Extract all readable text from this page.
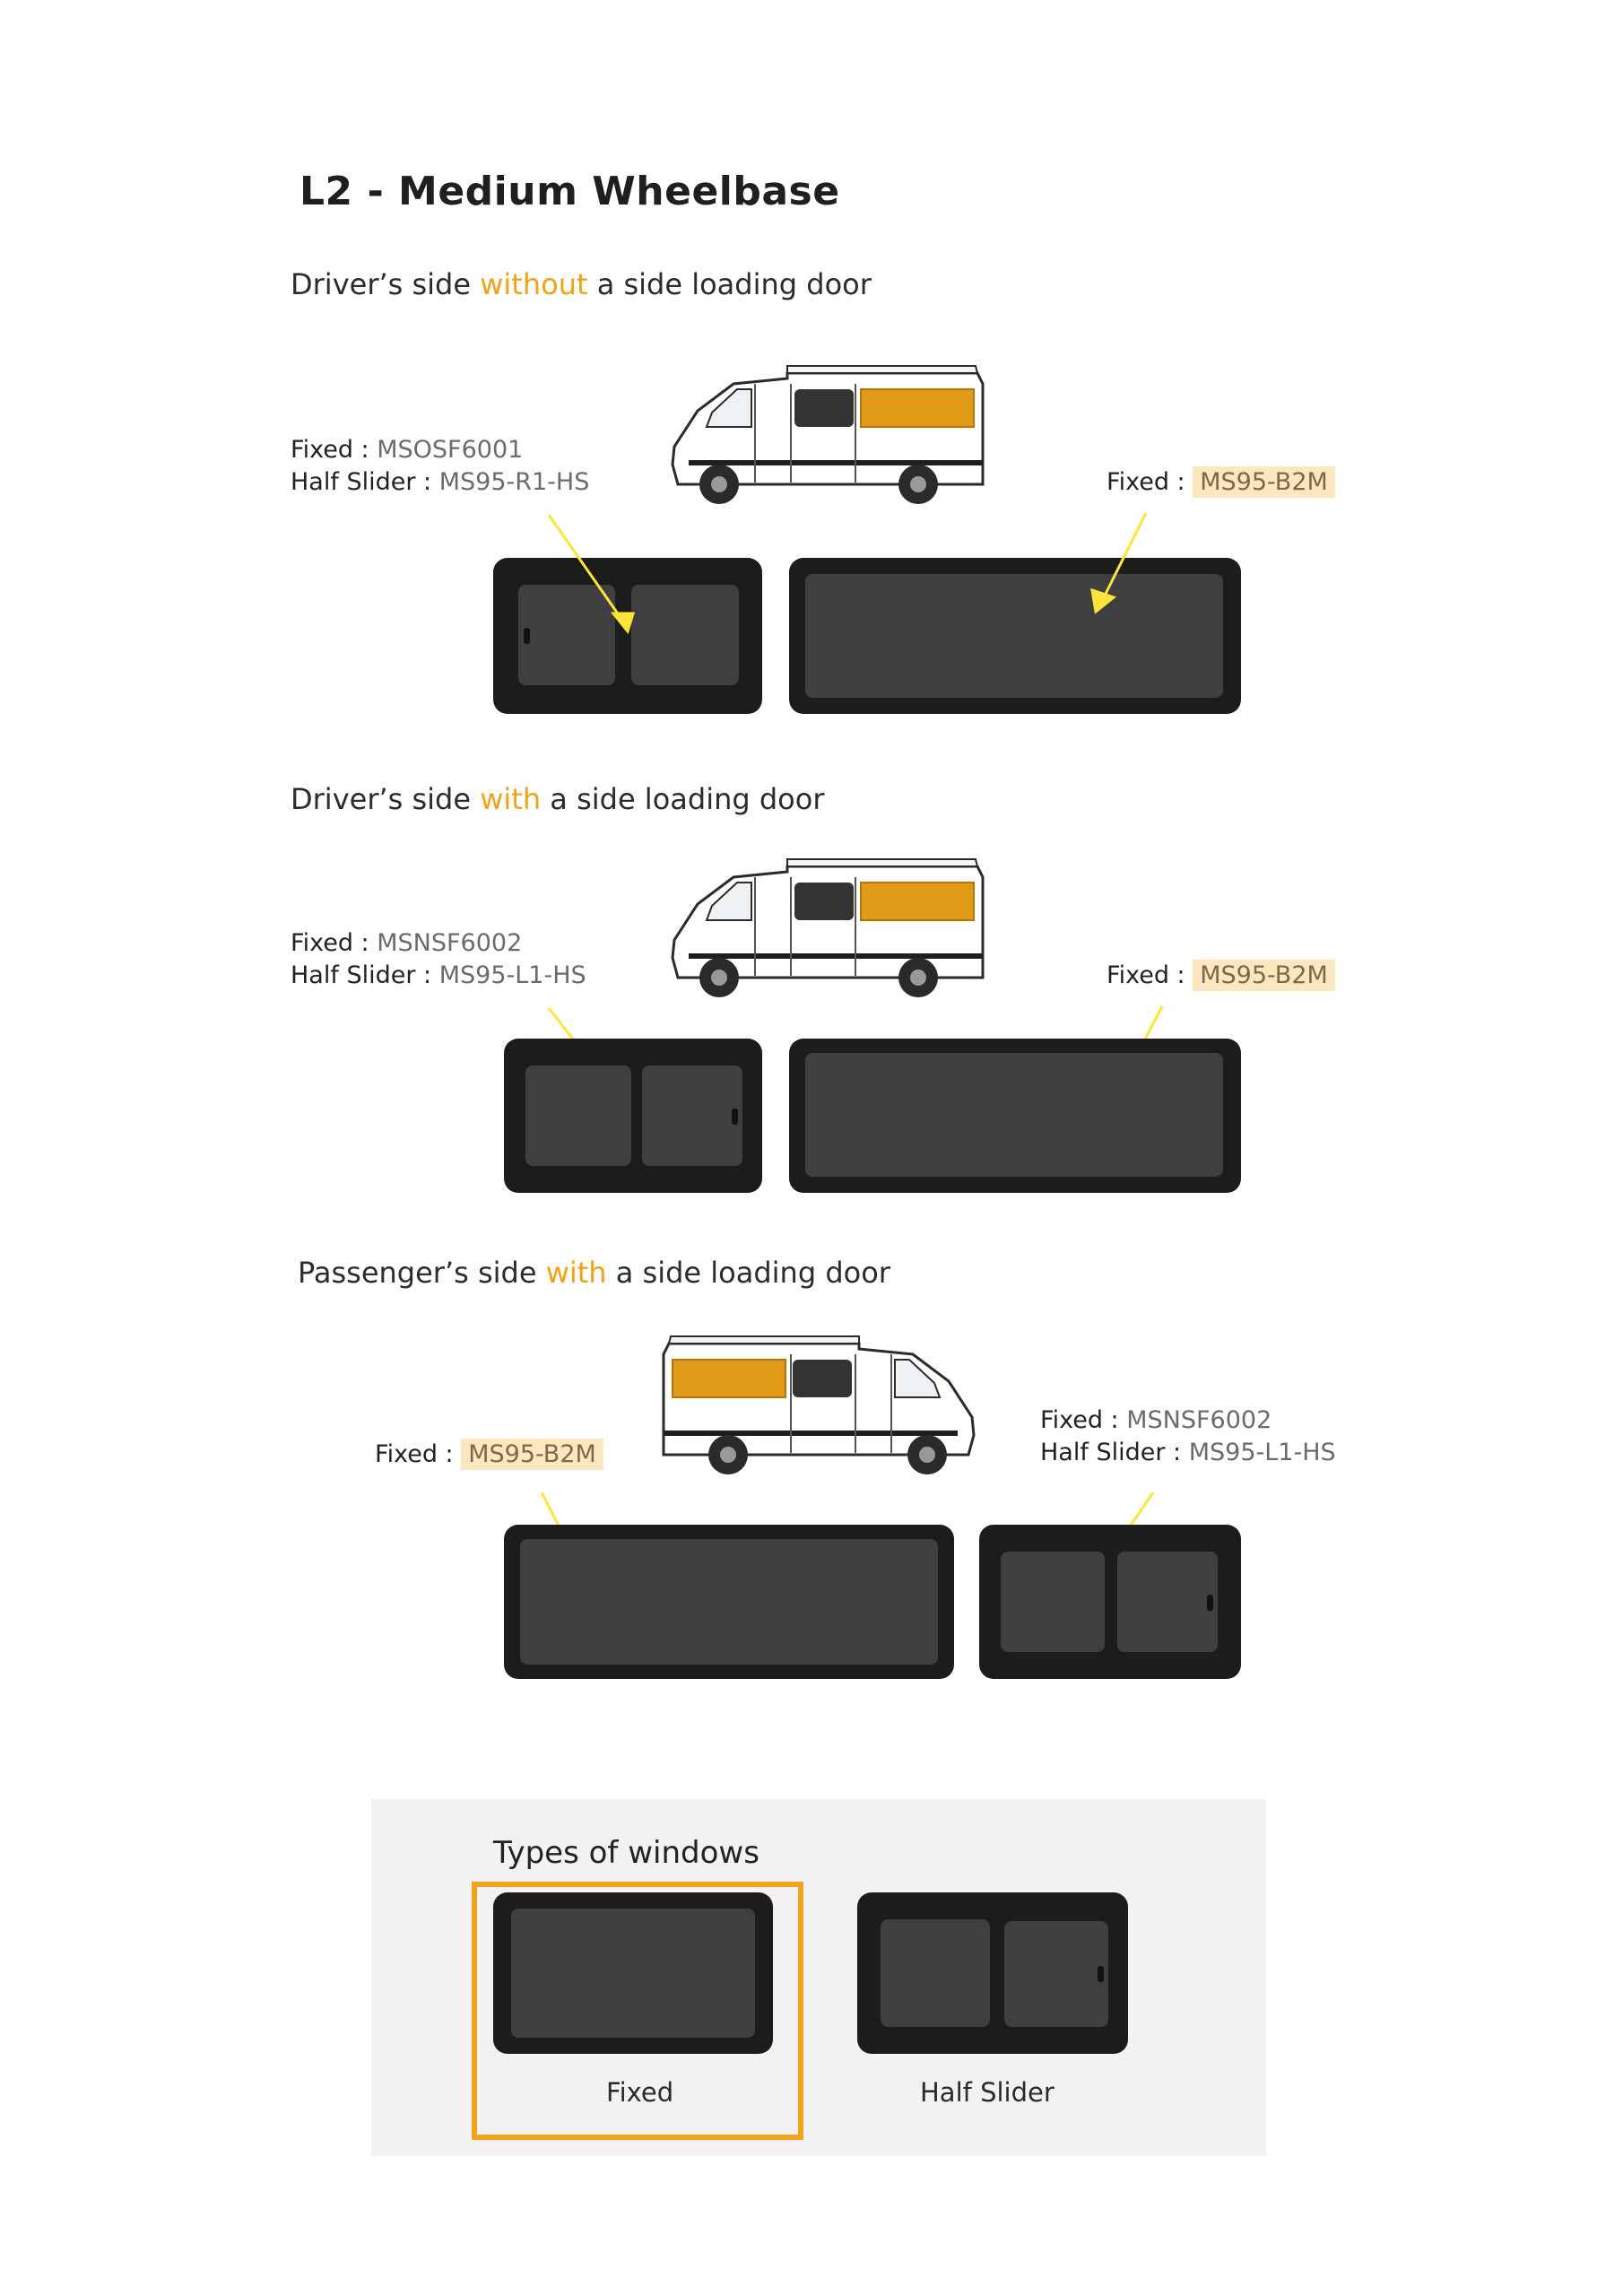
L2 - Medium Wheelbase
Driver’s side without a side loading door
Fixed : MSOSF6001
Half Slider : MS95-R1-HS	Fixed : MS95-B2M
Driver’s side with a side loading door
Fixed : MSNSF6002
Half Slider : MS95-L1-HS	Fixed : MS95-B2M
Passenger’s side with a side loading door
Fixed : MS95-B2M
Fixed : MSNSF6002
Half Slider : MS95-L1-HS
Types of windows
Fixed	Half Slider
